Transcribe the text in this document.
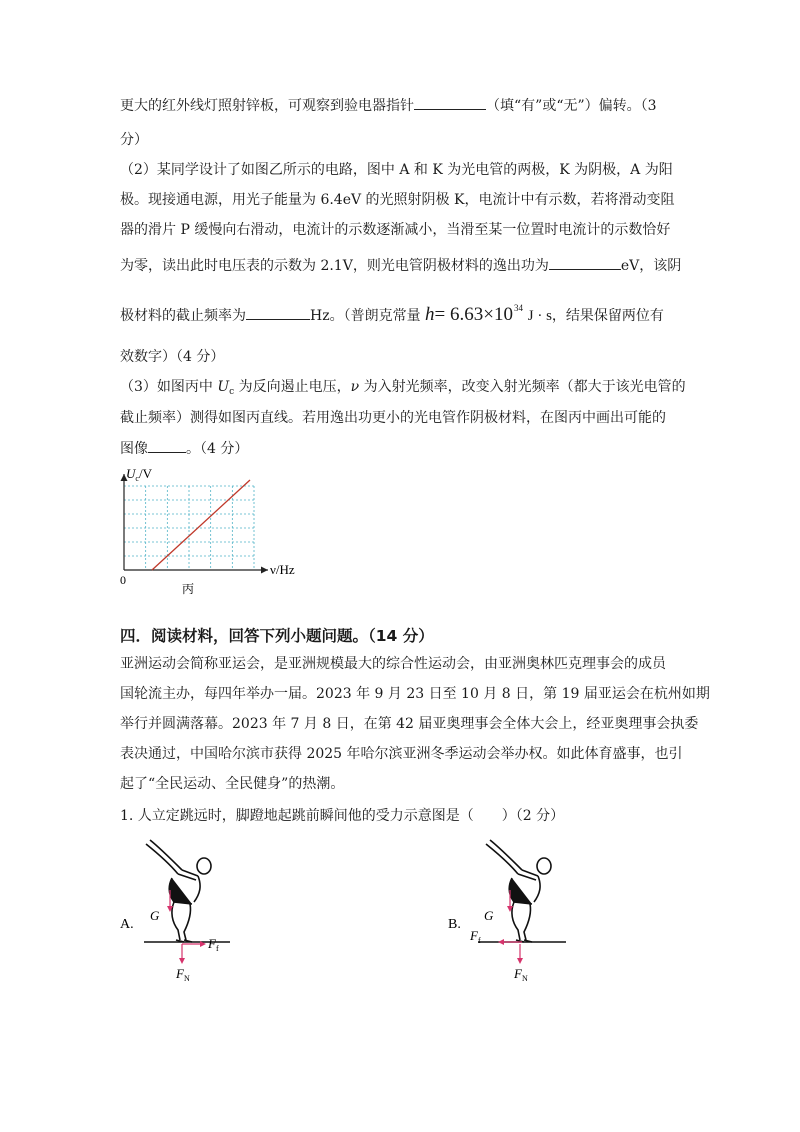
更大的红外线灯照射锌板，可观察到验电器指针	（填“有”或“无”）偏转。（3
分）
（2）某同学设计了如图乙所示的电路，图中 A 和 K 为光电管的两极，K 为阴极，A 为阳
极。现接通电源，用光子能量为 6.4eV 的光照射阴极 K，电流计中有示数，若将滑动变阻
器的滑片 P 缓慢向右滑动，电流计的示数逐渐减小，当滑至某一位置时电流计的示数恰好
为零，读出此时电压表的示数为 2.1V，则光电管阴极材料的逸出功为	eV，该阴
极材料的截止频率为	Hz。（普朗克常量 $h= 6.63\times 10^{34}$ J · s，结果保留两位有
效数字）（4 分）
（3）如图丙中 $U_c$ 为反向遏止电压，ν 为入射光频率，改变入射光频率（都大于该光电管的
截止频率）测得如图丙直线。若用逸出功更小的光电管作阴极材料，在图丙中画出可能的
图像	。（4 分）
$U_c/V$
ν/Hz
0
丙
四．阅读材料，回答下列小题问题。（14 分）
亚洲运动会简称亚运会，是亚洲规模最大的综合性运动会，由亚洲奥林匹克理事会的成员
国轮流主办，每四年举办一届。2023 年 9 月 23 日至 10 月 8 日，第 19 届亚运会在杭州如期
举行并圆满落幕。2023 年 7 月 8 日，在第 42 届亚奥理事会全体大会上，经亚奥理事会执委
表决通过，中国哈尔滨市获得 2025 年哈尔滨亚洲冬季运动会举办权。如此体育盛事，也引
起了“全民运动、全民健身”的热潮。
1. 人立定跳远时，脚蹬地起跳前瞬间他的受力示意图是（　　）（2 分）
A.
G
$F_f$
$F_N$
B.
G
$F_f$
$F_N$
